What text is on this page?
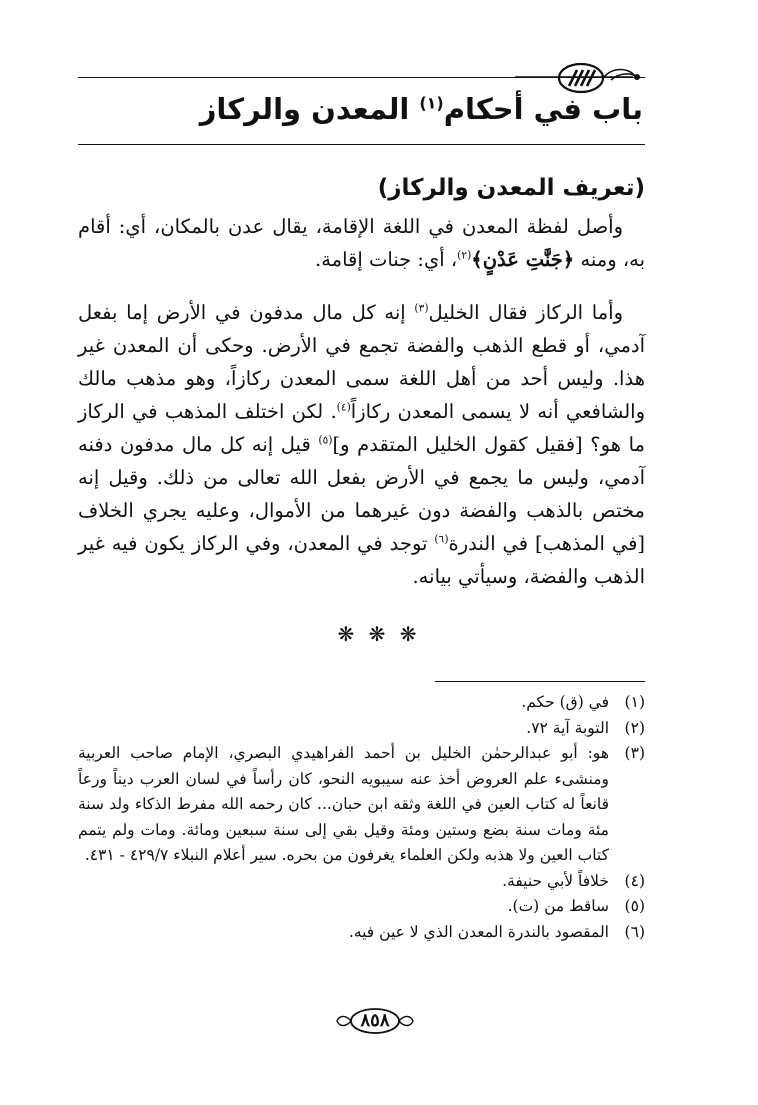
باب في أحكام$^{(١)}$ المعدن والركاز
(تعريف المعدن والركاز)

وأصل لفظة المعدن في اللغة الإقامة، يقال عدن بالمكان، أي: أقام به، ومنه ﴿جَنَّٰتِ عَدْنٍ﴾$^{(٢)}$، أي: جنات إقامة.

وأما الركاز فقال الخليل$^{(٣)}$ إنه كل مال مدفون في الأرض إما بفعل آدمي، أو قطع الذهب والفضة تجمع في الأرض. وحكى أن المعدن غير هذا. وليس أحد من أهل اللغة سمى المعدن ركازاً، وهو مذهب مالك والشافعي أنه لا يسمى المعدن ركازاً$^{(٤)}$. لكن اختلف المذهب في الركاز ما هو؟ [فقيل كقول الخليل المتقدم و]$^{(٥)}$ قيل إنه كل مال مدفون دفنه آدمي، وليس ما يجمع في الأرض بفعل الله تعالى من ذلك. وقيل إنه مختص بالذهب والفضة دون غيرهما من الأموال، وعليه يجري الخلاف [في المذهب] في الندرة$^{(٦)}$ توجد في المعدن، وفي الركاز يكون فيه غير الذهب والفضة، وسيأتي بيانه.

❋ ❋ ❋
(١)
في (ق) حكم.
(٢)
التوبة آية ٧٢.
(٣)
هو: أبو عبدالرحمٰن الخليل بن أحمد الفراهيدي البصري، الإمام صاحب العربية ومنشىء علم العروض أخذ عنه سيبويه النحو، كان رأساً في لسان العرب ديناً ورعاً قانعاً له كتاب العين في اللغة وثقه ابن حبان... كان رحمه الله مفرط الذكاء ولد سنة مئة ومات سنة بضع وستين ومئة وقيل بقي إلى سنة سبعين ومائة. ومات ولم يتمم كتاب العين ولا هذبه ولكن العلماء يغرفون من بحره. سير أعلام النبلاء ٤٢٩/٧ - ٤٣١.
(٤)
خلافاً لأبي حنيفة.
(٥)
ساقط من (ت).
(٦)
المقصود بالندرة المعدن الذي لا عين فيه.
٨٥٨
